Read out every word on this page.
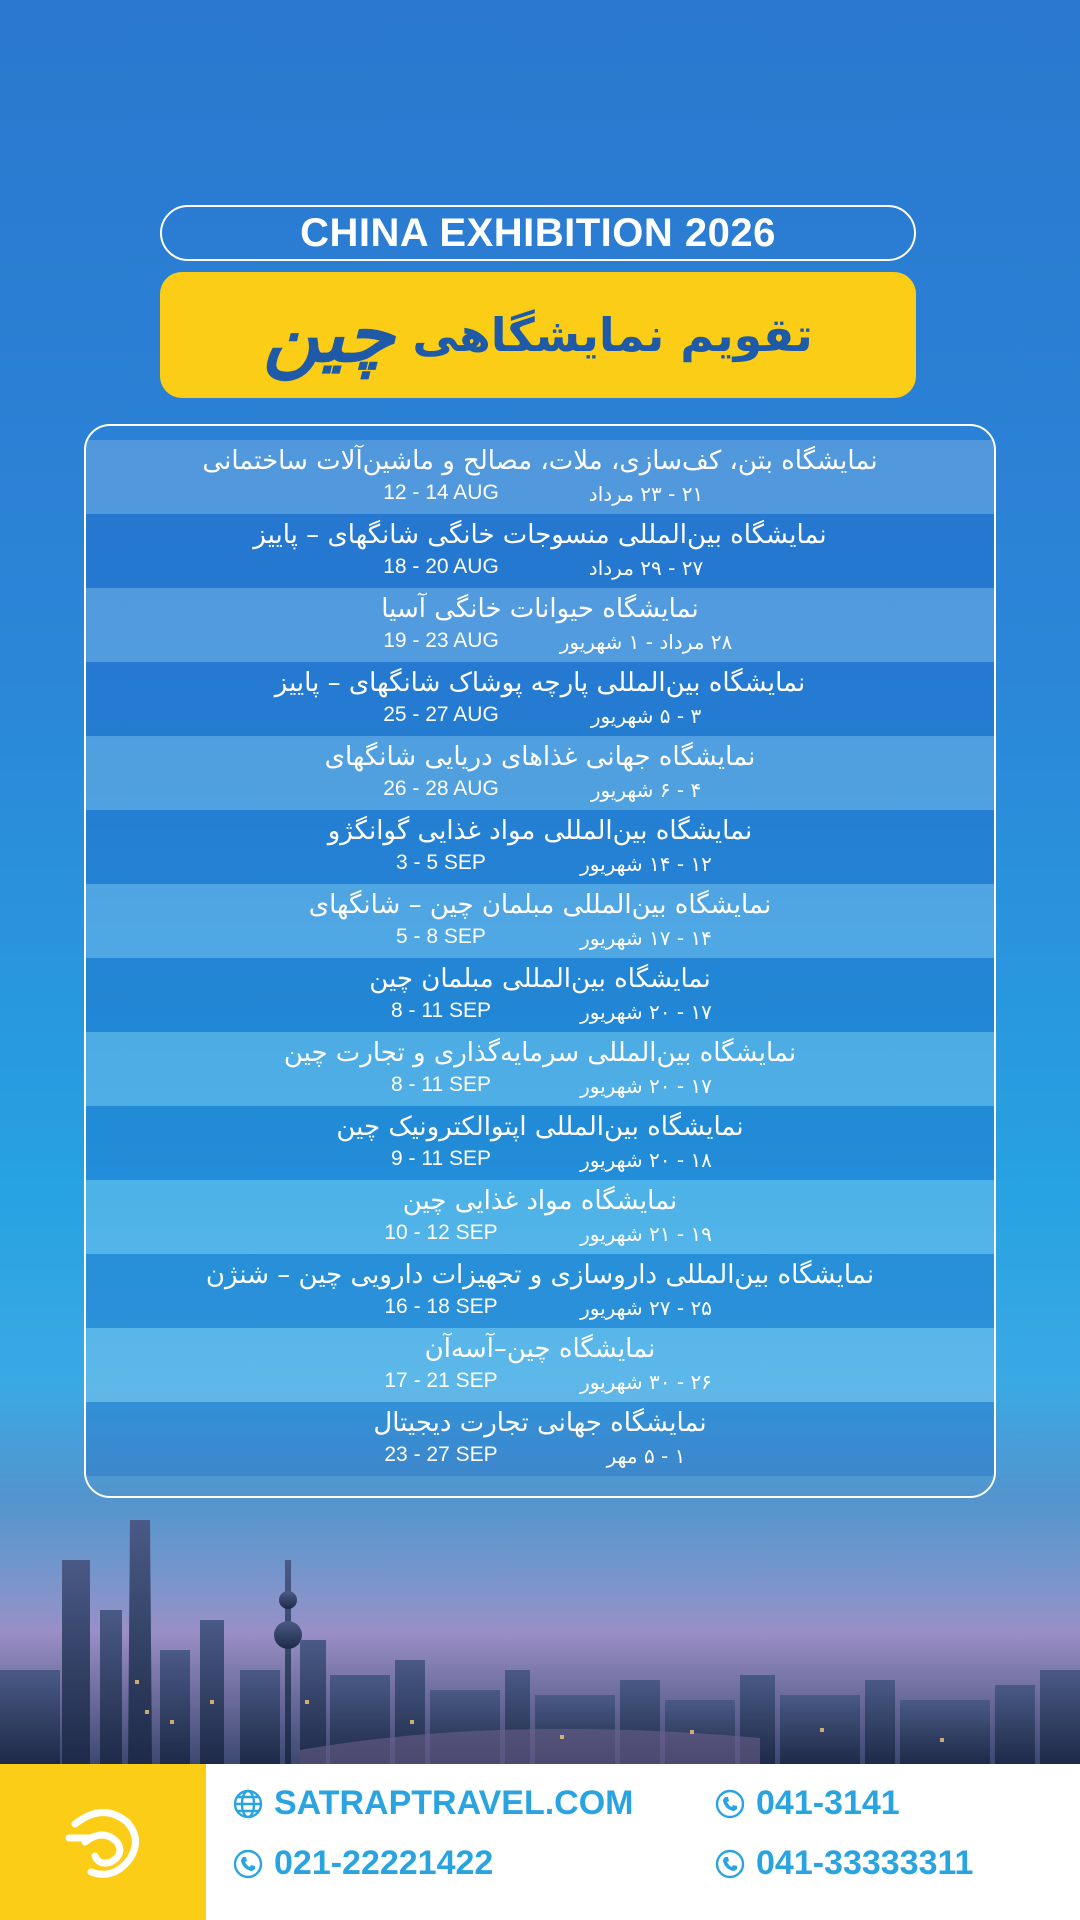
CHINA EXHIBITION 2026
تقویم نمایشگاهی
چین
نمایشگاه بتن، کف‌سازی، ملات، مصالح و ماشین‌آلات ساختمانی
۲۱ - ۲۳ مرداد
12 - 14 AUG
نمایشگاه بین‌المللی منسوجات خانگی شانگهای – پاییز
۲۷ - ۲۹ مرداد
18 - 20 AUG
نمایشگاه حیوانات خانگی آسیا
۲۸ مرداد - ۱ شهریور
19 - 23 AUG
نمایشگاه بین‌المللی پارچه پوشاک شانگهای – پاییز
۳ - ۵ شهریور
25 - 27 AUG
نمایشگاه جهانی غذاهای دریایی شانگهای
۴ - ۶ شهریور
26 - 28 AUG
نمایشگاه بین‌المللی مواد غذایی گوانگژو
۱۲ - ۱۴ شهریور
3 - 5 SEP
نمایشگاه بین‌المللی مبلمان چین – شانگهای
۱۴ - ۱۷ شهریور
5 - 8 SEP
نمایشگاه بین‌المللی مبلمان چین
۱۷ - ۲۰ شهریور
8 - 11 SEP
نمایشگاه بین‌المللی سرمایه‌گذاری و تجارت چین
۱۷ - ۲۰ شهریور
8 - 11 SEP
نمایشگاه بین‌المللی اپتوالکترونیک چین
۱۸ - ۲۰ شهریور
9 - 11 SEP
نمایشگاه مواد غذایی چین
۱۹ - ۲۱ شهریور
10 - 12 SEP
نمایشگاه بین‌المللی داروسازی و تجهیزات دارویی چین – شنژن
۲۵ - ۲۷ شهریور
16 - 18 SEP
نمایشگاه چین–آسه‌آن
۲۶ - ۳۰ شهریور
17 - 21 SEP
نمایشگاه جهانی تجارت دیجیتال
۱ - ۵ مهر
23 - 27 SEP
SATRAPTRAVEL.COM
021-22221422
041-3141
041-33333311
